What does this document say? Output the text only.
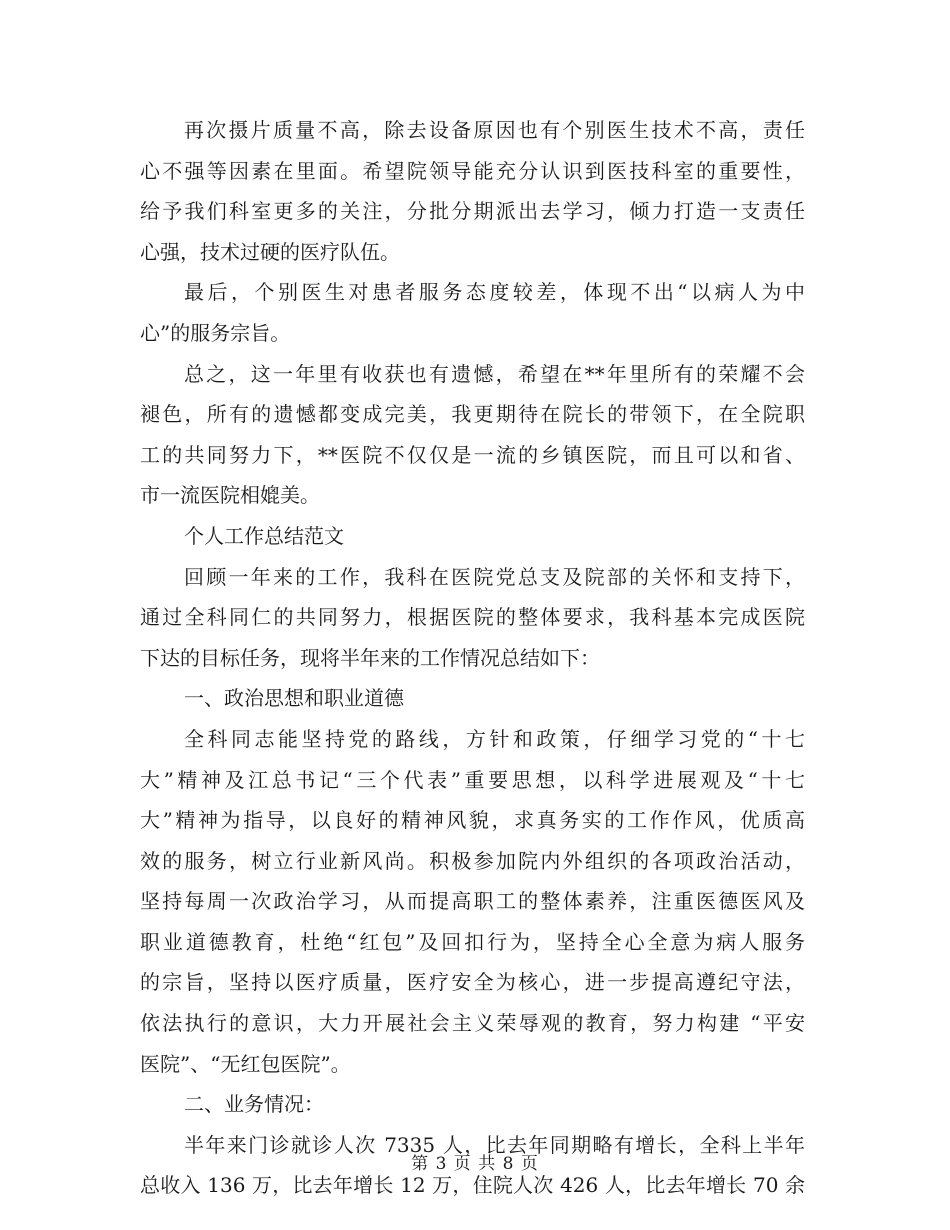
再次摄片质量不高，除去设备原因也有个别医生技术不高，责任
心不强等因素在里面。希望院领导能充分认识到医技科室的重要性，
给予我们科室更多的关注，分批分期派出去学习，倾力打造一支责任
心强，技术过硬的医疗队伍。
最后，个别医生对患者服务态度较差，体现不出“以病人为中
心”的服务宗旨。
总之，这一年里有收获也有遗憾，希望在**年里所有的荣耀不会
褪色，所有的遗憾都变成完美，我更期待在院长的带领下，在全院职
工的共同努力下，**医院不仅仅是一流的乡镇医院，而且可以和省、
市一流医院相媲美。
个人工作总结范文
回顾一年来的工作，我科在医院党总支及院部的关怀和支持下，
通过全科同仁的共同努力，根据医院的整体要求，我科基本完成医院
下达的目标任务，现将半年来的工作情况总结如下：
一、政治思想和职业道德
全科同志能坚持党的路线，方针和政策，仔细学习党的“十七
大”精神及江总书记“三个代表”重要思想，以科学进展观及“十七
大”精神为指导，以良好的精神风貌，求真务实的工作作风，优质高
效的服务，树立行业新风尚。积极参加院内外组织的各项政治活动，
坚持每周一次政治学习，从而提高职工的整体素养，注重医德医风及
职业道德教育，杜绝“红包”及回扣行为，坚持全心全意为病人服务
的宗旨，坚持以医疗质量，医疗安全为核心，进一步提高遵纪守法，
依法执行的意识，大力开展社会主义荣辱观的教育，努力构建 “平安
医院”、“无红包医院”。
二、业务情况：
半年来门诊就诊人次 7335 人，比去年同期略有增长，全科上半年
总收入 136 万，比去年增长 12 万，住院人次 426 人，比去年增长 70 余
第 3 页 共 8 页
